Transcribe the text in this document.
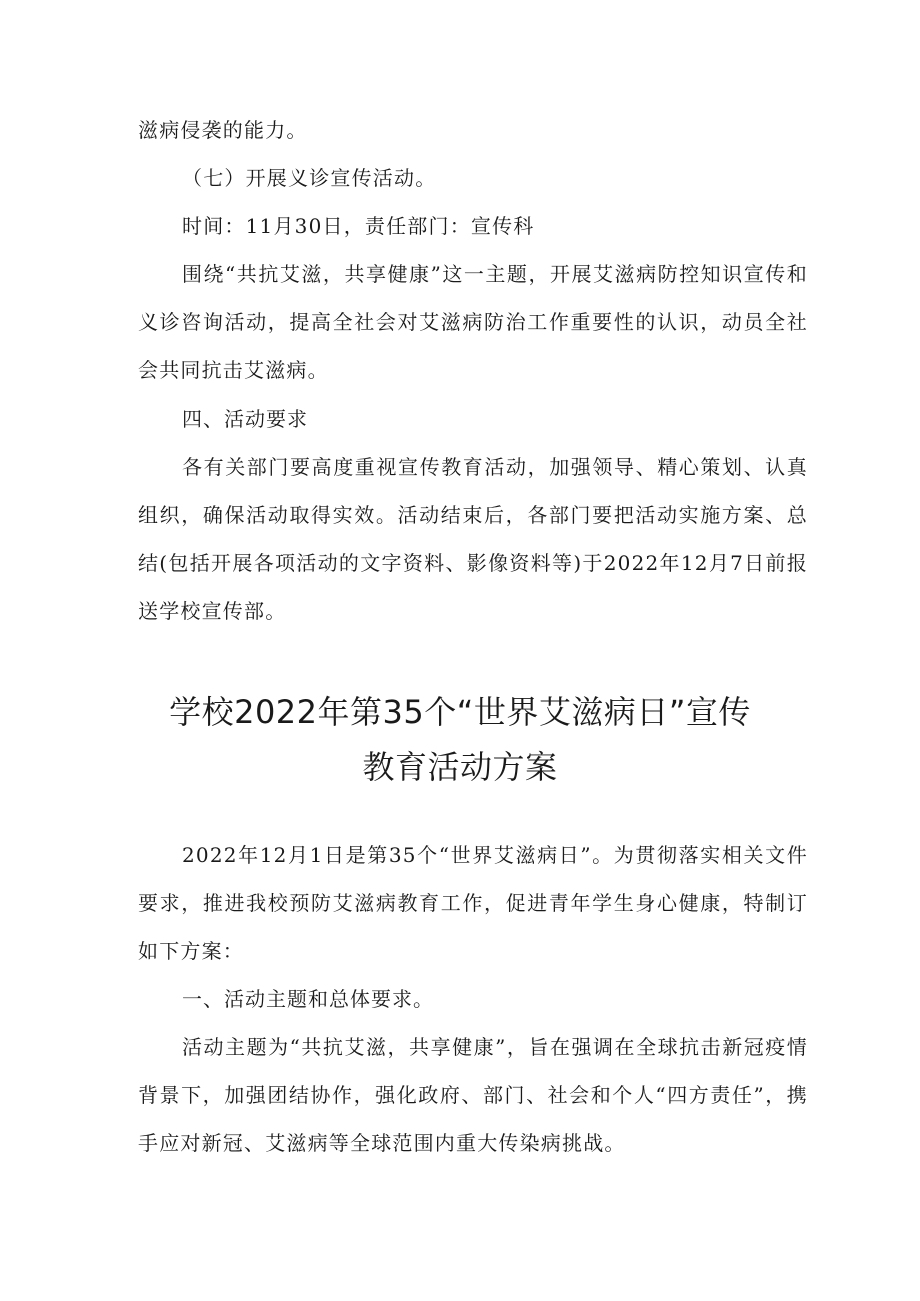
滋病侵袭的能力。
（七）开展义诊宣传活动。
时间：11月30日，责任部门：宣传科
围绕“共抗艾滋，共享健康”这一主题，开展艾滋病防控知识宣传和义诊咨询活动，提高全社会对艾滋病防治工作重要性的认识，动员全社会共同抗击艾滋病。
四、活动要求
各有关部门要高度重视宣传教育活动，加强领导、精心策划、认真组织，确保活动取得实效。活动结束后，各部门要把活动实施方案、总结(包括开展各项活动的文字资料、影像资料等)于2022年12月7日前报送学校宣传部。
学校2022年第35个“世界艾滋病日”宣传
教育活动方案
2022年12月1日是第35个“世界艾滋病日”。为贯彻落实相关文件要求，推进我校预防艾滋病教育工作，促进青年学生身心健康，特制订如下方案：
一、活动主题和总体要求。
活动主题为“共抗艾滋，共享健康”，旨在强调在全球抗击新冠疫情背景下，加强团结协作，强化政府、部门、社会和个人“四方责任”，携手应对新冠、艾滋病等全球范围内重大传染病挑战。
